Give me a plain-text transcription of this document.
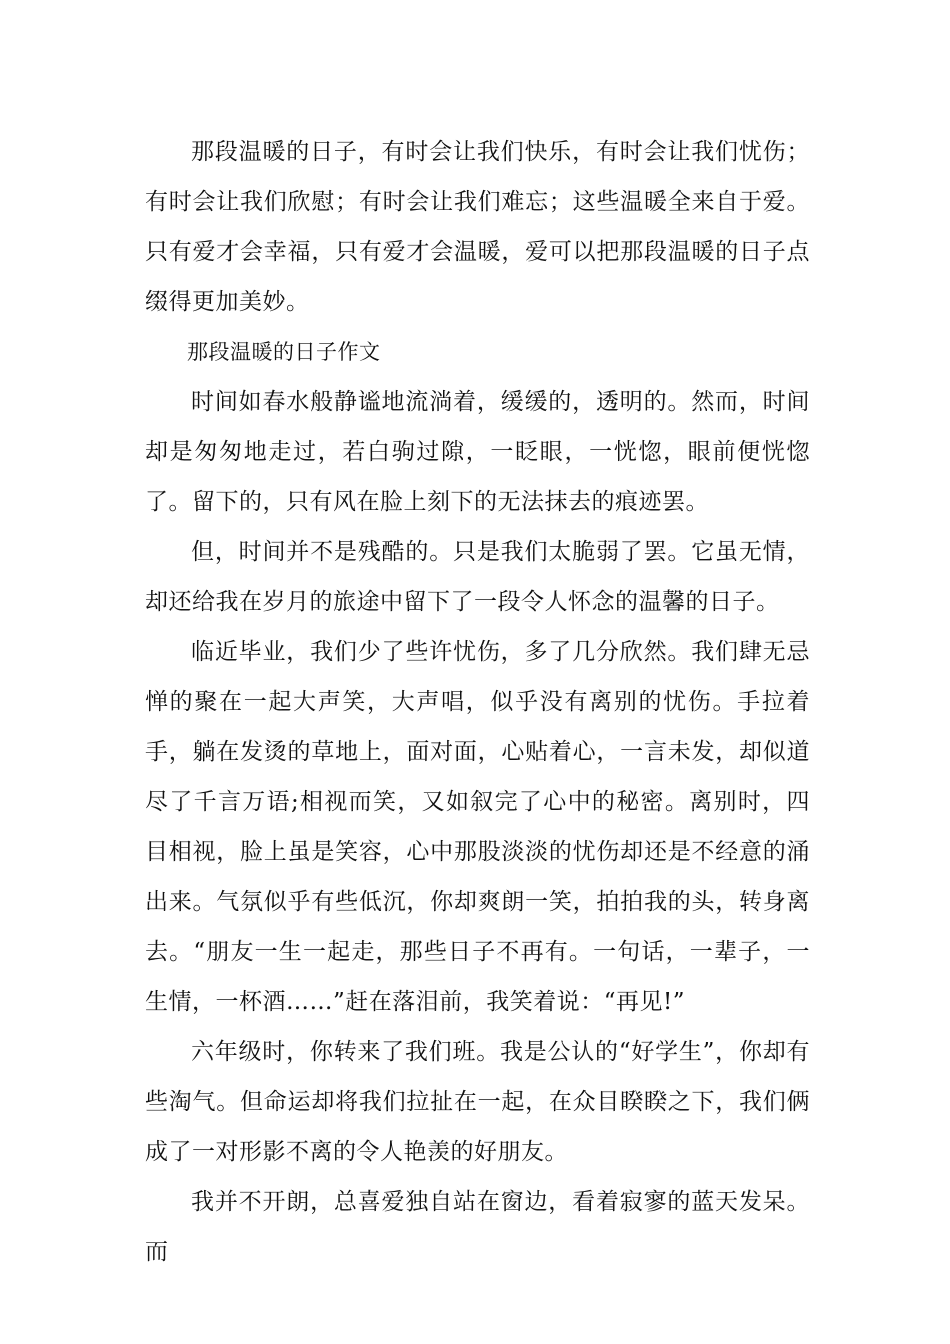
那段温暖的日子，有时会让我们快乐，有时会让我们忧伤；有时会让我们欣慰；有时会让我们难忘；这些温暖全来自于爱。只有爱才会幸福，只有爱才会温暖，爱可以把那段温暖的日子点缀得更加美妙。

那段温暖的日子作文

时间如春水般静谧地流淌着，缓缓的，透明的。然而，时间却是匆匆地走过，若白驹过隙，一眨眼，一恍惚，眼前便恍惚了。留下的，只有风在脸上刻下的无法抹去的痕迹罢。

但，时间并不是残酷的。只是我们太脆弱了罢。它虽无情，却还给我在岁月的旅途中留下了一段令人怀念的温馨的日子。

临近毕业，我们少了些许忧伤，多了几分欣然。我们肆无忌惮的聚在一起大声笑，大声唱，似乎没有离别的忧伤。手拉着手，躺在发烫的草地上，面对面，心贴着心，一言未发，却似道尽了千言万语;相视而笑，又如叙完了心中的秘密。离别时，四目相视，脸上虽是笑容，心中那股淡淡的忧伤却还是不经意的涌出来。气氛似乎有些低沉，你却爽朗一笑，拍拍我的头，转身离去。“朋友一生一起走，那些日子不再有。一句话，一辈子，一生情，一杯酒……”赶在落泪前，我笑着说：“再见!”

六年级时，你转来了我们班。我是公认的“好学生”，你却有些淘气。但命运却将我们拉扯在一起，在众目睽睽之下，我们俩成了一对形影不离的令人艳羡的好朋友。

我并不开朗，总喜爱独自站在窗边，看着寂寥的蓝天发呆。而
